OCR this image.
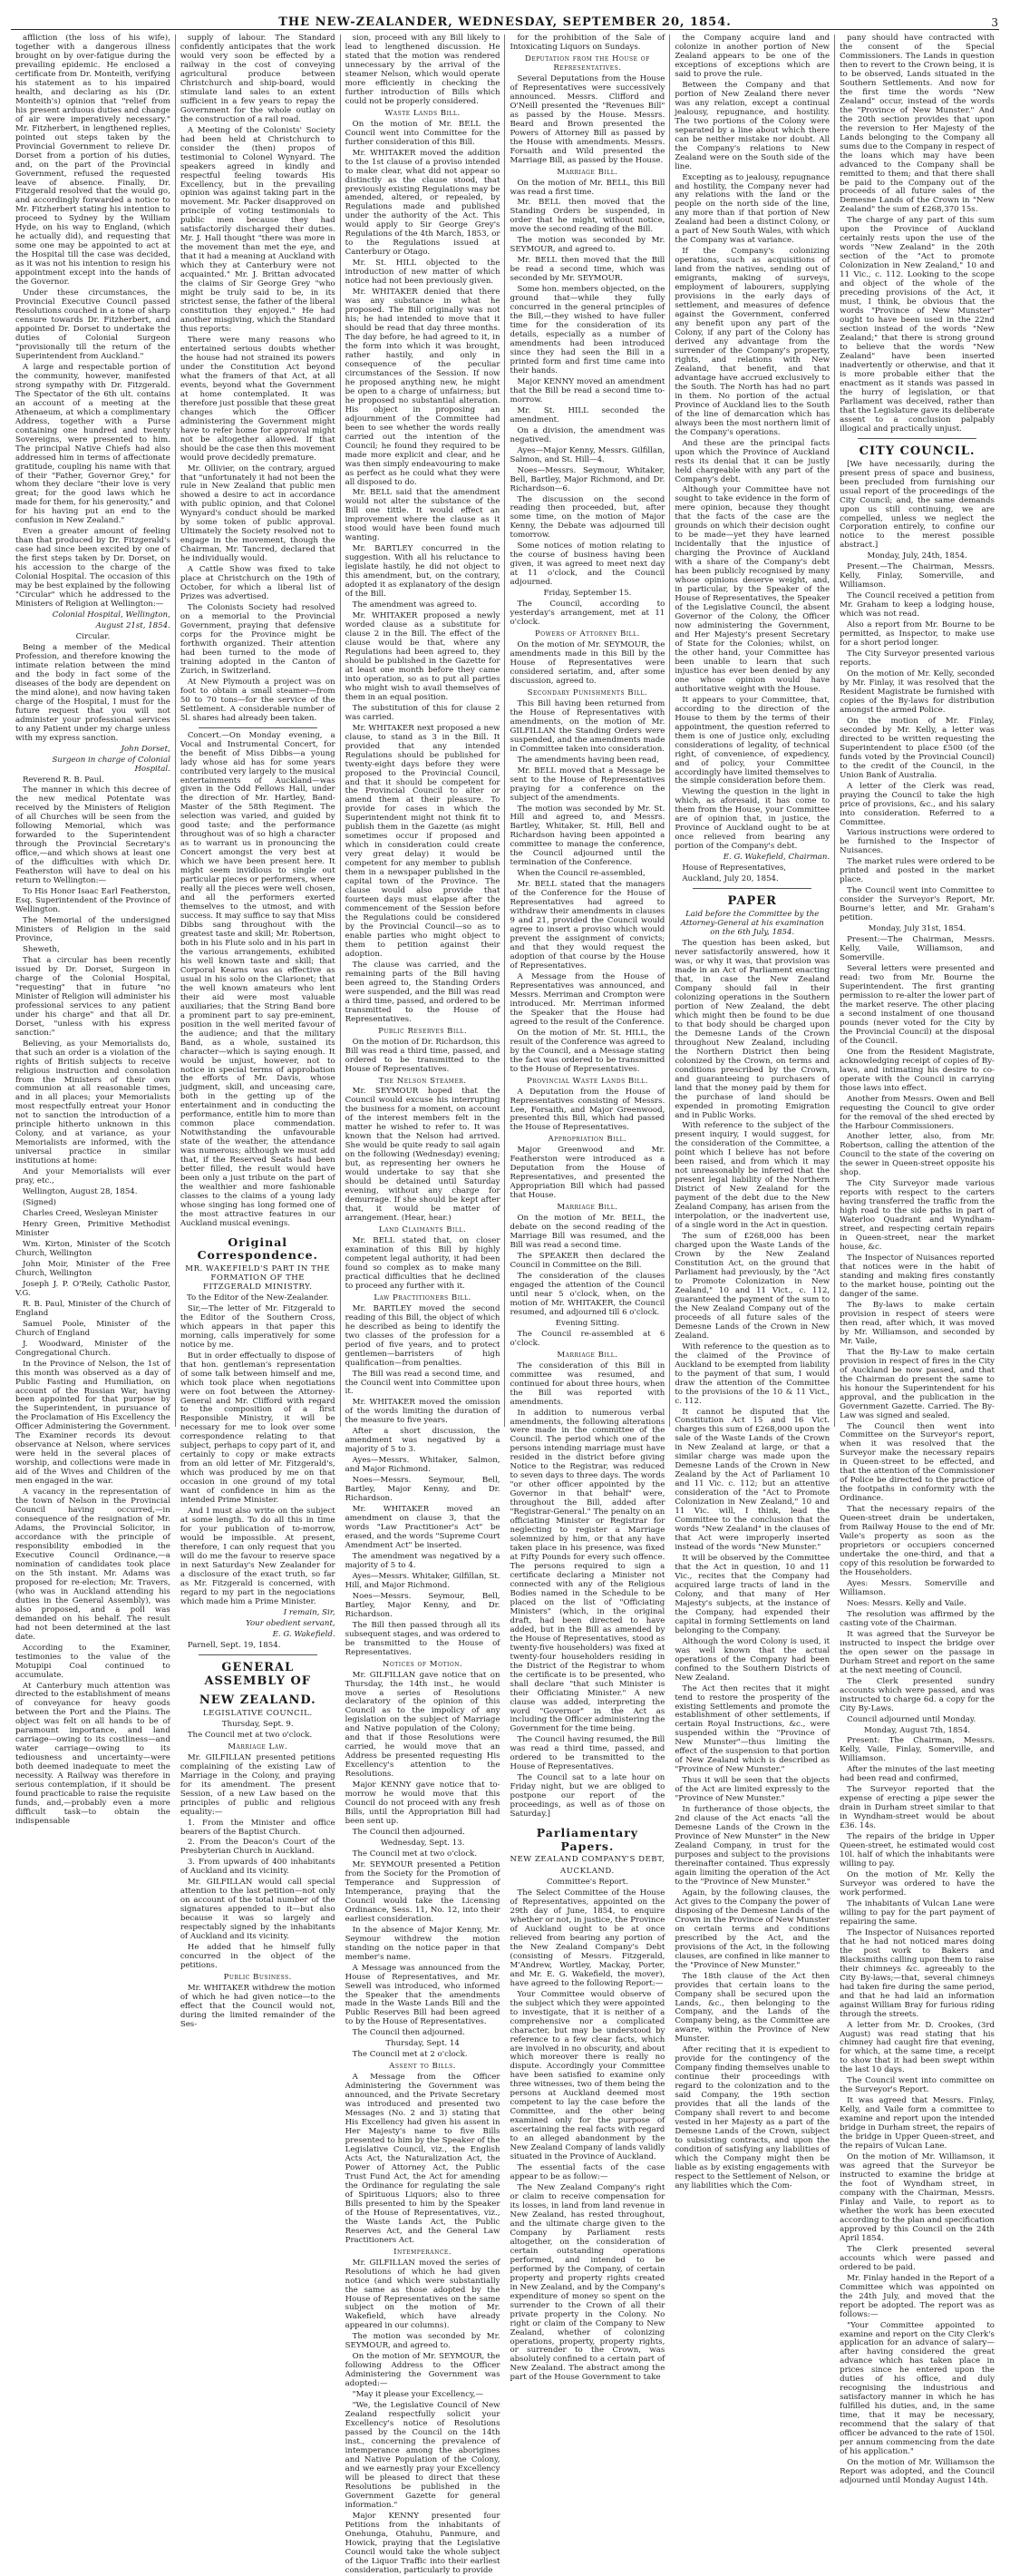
THE NEW-ZEALANDER, WEDNESDAY, SEPTEMBER 20, 1854.	3

affliction (the loss of his wife), together with a dangerous illness brought on by over-fatigue during the prevailing epidemic. He enclosed a certificate from Dr. Monteith, verifying his statement as to his impaired health, and declaring as his (Dr. Monteith's) opinion that "relief from his present arduous duties and change of air were imperatively necessary." Mr. Fitzherbert, in lengthened replies, pointed out steps taken by the Provincial Government to relieve Dr. Dorset from a portion of his duties, and, on the part of the Provincial Government, refused the requested leave of absence. Finally, Dr. Fitzgerald resolved that the would go, and accordingly forwarded a notice to Mr. Fitzherbert stating his intention to proceed to Sydney by the William Hyde, on his way to England, (which he actually did), and requesting that some one may be appointed to act at the Hospital till the case was decided, as it was not his intention to resign his appointment except into the hands of the Governor.

Under these circumstances, the Provincial Executive Council passed Resolutions couched in a tone of sharp censure towards Dr. Fitzherbert, and appointed Dr. Dorset to undertake the duties of Colonial Surgeon "provisionally till the return of the Superintendent from Auckland."

A large and respectable portion of the community, however, manifested strong sympathy with Dr. Fitzgerald. The Spectator of the 6th ult. contains an account of a meeting at the Athenaeum, at which a complimentary Address, together with a Purse containing one hundred and twenty Sovereigns, were presented to him. The principal Native Chiefs had also addressed him in terms of affectionate gratitude, coupling his name with that of their "Father, Governor Grey," for whom they declare "their love is very great; for the good laws which he made for them, for his generosity," and for his having put an end to the confusion in New Zealand."

Even a greater amount of feeling than that produced by Dr. Fitzgerald's case had since been excited by one of the first steps taken by Dr. Dorset, on his accession to the charge of the Colonial Hospital. The occasion of this may be best explained by the following "Circular" which he addressed to the Ministers of Religion at Wellington:—

Colonial Hospital, Wellington,

August 21st, 1854.

Circular.

Being a member of the Medical Profession, and therefore knowing the intimate relation between the mind and the body in fact some of the diseases of the body are dependent on the mind alone), and now having taken charge of the Hospital, I must for the future request that you will not administer your professional services to any Patient under my charge unless with my express sanction.

John Dorset,

Surgeon in charge of Colonial Hospital.

Reverend R. B. Paul.

The manner in which this decree of the new medical Potentate was received by the Ministers of Religion of all Churches will be seen from the following Memorial, which was forwarded to the Superintendent through the Provincial Secretary's office,—and which shows at least one of the difficulties with which Dr. Featherston will have to deal on his return to Wellington:—

To His Honor Isaac Earl Featherston, Esq. Superintendent of the Province of Wellington.

The Memorial of the undersigned Ministers of Religion in the said Province,

Sheweth,

That a circular has been recently issued by Dr. Dorset, Surgeon in charge of the Colonial Hospital, "requesting" that in future "no Minister of Religion will administer his professional services to any patient under his charge" and that all Dr. Dorset, "unless with his express sanction:"

Believing, as your Memorialists do, that such an order is a violation of the rights of British subjects to receive religious instruction and consolation from the Ministers of their own communion at all reasonable times, and in all places; your Memorialists most respectfully entreat your Honor not to sanction the introduction of a principle hitherto unknown in this Colony, and at variance, as your Memorialists are informed, with the universal practice in similar institutions at home:

And your Memorialists will ever pray, etc.,

Wellington, August 28, 1854.

(Signed)

Charles Creed, Wesleyan Minister

Henry Green, Primitive Methodist Minister

Wm. Kirton, Minister of the Scotch Church, Wellington

John Moir, Minister of the Free Church, Wellington

Joseph J. P. O'Reily, Catholic Pastor, V.G.

R. B. Paul, Minister of the Church of England

Samuel Poole, Minister of the Church of England

J. Woodward, Minister of the Congregational Church.

In the Province of Nelson, the 1st of this month was observed as a day of Public Fasting and Humiliation, on account of the Russian War, having been appointed for that purpose by the Superintendent, in pursuance of the Proclamation of His Excellency the Officer Administering the Government. The Examiner records its devout observance at Nelson, where services were held in the several places of worship, and collections were made in aid of the Wives and Children of the men engaged in the war.

A vacancy in the representation of the town of Nelson in the Provincial Council having occurred,—in consequence of the resignation of Mr. Adams, the Provincial Solicitor, in accordance with the principle of responsibility embodied in the Executive Council Ordinance,—a nomination of candidates took place on the 5th instant. Mr. Adams was proposed for re-election; Mr. Travers, (who was in Auckland attending his duties in the General Assembly), was also proposed, and a poll was demanded on his behalf. The result had not been determined at the last date.

According to the Examiner, testimonies to the value of the Motupipi Coal continued to accumulate.

At Canterbury much attention was directed to the establishment of means of conveyance for heavy goods between the Port and the Plains. The object was felt on all hands to be of paramount importance, and land carriage—owing to its costliness—and water carriage—owing to its tediousness and uncertainty—were both deemed inadequate to meet the necessity. A Railway was therefore in serious contemplation, if it should be found practicable to raise the requisite funds, and,—probably even a more difficult task—to obtain the indispensable

supply of labour. The Standard confidently anticipates that the work would very soon be effected by a railway in the cost of conveying agricultural produce between Christchurch and ship-board, would stimulate land sales to an extent sufficient in a few years to repay the Government for the whole outlay on the construction of a rail road.

A Meeting of the Colonists' Society had been held at Christchurch to consider the (then) propos of testimonial to Colonel Wynyard. The speakers agreed in kindly and respectful feeling towards His Excellency, but in the prevailing opinion was against taking part in the movement. Mr. Packer disapproved on principle of voting testimonials to public men because they had satisfactorily discharged their duties. Mr. J. Hall thought "there was more in the movement than met the eye, and that it had a meaning at Auckland with which they at Canterbury were not acquainted." Mr. J. Brittan advocated the claims of Sir George Grey "who might be truly said to be, in its strictest sense, the father of the liberal constitution they enjoyed." He had another misgiving, which the Standard thus reports:

There were many reasons who entertained serious doubts whether the house had not strained its powers under the Constitution Act beyond what the framers of that Act, at all events, beyond what the Government at home contemplated. It was therefore just possible that these great changes which the Officer administering the Government might have to refer home for approval might not be altogether allowed. If that should be the case then this movement would prove decidedly premature.

Mr. Ollivier, on the contrary, argued that "unfortunately it had not been the rule in New Zealand that public men showed a desire to act in accordance with public opinion, and that Colonel Wynyard's conduct should be marked by some token of public approval. Ultimately the Society resolved not to engage in the movement, though the Chairman, Mr. Tancred, declared that he individually would.

A Cattle Show was fixed to take place at Christchurch on the 19th of October, for which a liberal list of Prizes was advertised.

The Colonists Society had resolved on a memorial to the Provincial Government, praying that defensive corps for the Province might be forthwith organized. Their attention had been turned to the mode of training adopted in the Canton of Zurich, in Switzerland.

At New Plymouth a project was on foot to obtain a small steamer—from 50 to 70 tons—for the service of the Settlement. A considerable number of 5l. shares had already been taken.

Concert.—On Monday evening, a Vocal and Instrumental Concert, for the benefit of Miss Dibbs—a young lady whose aid has for some years contributed very largely to the musical entertainments of Auckland—was given in the Odd Fellows Hall, under the direction of Mr. Hartley, Band-Master of the 58th Regiment. The selection was varied, and guided by good taste; and the performance throughout was of so high a character as to warrant us in pronouncing the Concert amongst the very best at which we have been present here. It might seem invidious to single out particular pieces or performers, where really all the pieces were well chosen, and all the performers exerted themselves to the utmost, and with success. It may suffice to say that Miss Dibbs sang throughout with the greatest taste and skill; Mr. Robertson, both in his Flute solo and in his part in the various arrangements, exhibited his well known taste and skill; that Corporal Kearns was as effective as usual in his solo on the Clarionet; that the well known amateurs who lent their aid were most valuable auxiliaries; that the String Band bore a prominent part to say pre-eminent, position in the well merited favour of the audience; and that the military Band, as a whole, sustained its character—which is saying enough. It would be unjust, however, not to notice in special terms of approbation the efforts of Mr. Davis, whose judgment, skill, and unceasing care, both in the getting up of the entertainment and in conducting the performance, entitle him to more than common place commendation. Notwithstanding the unfavourable state of the weather, the attendance was numerous; although we must add that, if the Reserved Seats had been better filled, the result would have been only a just tribute on the part of the wealthier and more fashionable classes to the claims of a young lady whose singing has long formed one of the most attractive features in our Auckland musical evenings.

Original Correspondence.
MR. WAKEFIELD'S PART IN THE FORMATION OF THE FITZGERALD MINISTRY.

To the Editor of the New-Zealander.

Sir,—The letter of Mr. Fitzgerald to the Editor of the Southern Cross, which appears in that paper this morning, calls imperatively for some notice by me.

But in order effectually to dispose of that hon. gentleman's representation of some talk between himself and me, which took place when negotiations were on foot between the Attorney-General and Mr. Clifford with regard to the composition of a first Responsible Ministry, it will be necessary for me to look over some correspondence relating to that subject, perhaps to copy part of it, and certainly to copy or make extracts from an old letter of Mr. Fitzgerald's, which was produced by me on that occasion in one ground of my total want of confidence in him as the intended Prime Minister.

And I must also write on the subject at some length. To do all this in time for your publication of to-morrow, would be impossible. At present, therefore, I can only request that you will do me the favour to reserve space in next Saturday's New Zealander for a disclosure of the exact truth, so far as Mr. Fitzgerald is concerned, with regard to my part in the negociations which made him a Prime Minister.

I remain, Sir,

Your obedient servant,

E. G. Wakefield.

Parnell, Sept. 19, 1854.

GENERAL ASSEMBLY OF
NEW ZEALAND.
LEGISLATIVE COUNCIL.

Thursday, Sept. 9.

The Council met at two o'clock.

Marriage Law.

Mr. GILFILLAN presented petitions complaining of the existing Law of Marriage in the Colony, and praying for its amendment. The present Session, of a new Law based on the principles of public and religious equality:—

1. From the Minister and office bearers of the Baptist Church.

2. From the Deacon's Court of the Presbyterian Church in Auckland.

3. From upwards of 400 inhabitants of Auckland and its vicinity.

Mr. GILFILLAN would call special attention to the last petition—not only on account of the total number of the signatures appended to it—but also because it was so largely and respectably signed by the inhabitants of Auckland and its vicinity.

He added that he himself fully concurred in the object of the petitions.

Public Business.

Mr. WHITAKER withdrew the motion of which he had given notice—to the effect that the Council would not, during the limited remainder of the Ses-

sion, proceed with any Bill likely to lead to lengthened discussion. He stated that the motion was rendered unnecessary by the arrival of the steamer Nelson, which would operate more efficiently in checking the further introduction of Bills which could not be properly considered.

Waste Lands Bill.

On the motion of Mr. BELL the Council went into Committee for the further consideration of this Bill.

Mr. WHITAKER moved the addition to the 1st clause of a proviso intended to make clear, what did not appear so distinctly as the clause stood, that previously existing Regulations may be amended, altered, or repealed, by Regulations made and published under the authority of the Act. This would apply to Sir George Grey's Regulations of the 4th March, 1853, or to the Regulations issued at Canterbury or Otago.

Mr. St. HILL objected to the introduction of new matter of which notice had not been previously given.

Mr. WHITAKER denied that there was any substance in what he proposed. The Bill originally was not his; he had intended to move that it should be read that day three months. The day before, he had agreed to it, in the form into which it was brought, rather hastily, and only in consequence of the peculiar circumstances of the Session. If now he proposed anything new, he might be open to a charge of unfairness; but he proposed no substantial alteration. His object in proposing an adjournment of the Committee had been to see whether the words really carried out the intention of the Council; he found they required to be made more explicit and clear, and he was then simply endeavouring to make as perfect as he could what they were all disposed to do.

Mr. BELL said that the amendment would not alter the substance of the Bill one tittle. It would effect an improvement where the clause as it stood would have been found much wanting.

Mr. BARTLEY concurred in the suggestion. With all his reluctance to legislate hastily, he did not object to this amendment, but, on the contrary, adopted it as explanatory of the design of the Bill.

The amendment was agreed to.

Mr. WHITAKER proposed a newly worded clause as a substitute for clause 2 in the Bill. The effect of the clause would be that, where any Regulations had been agreed to, they should be published in the Gazette for at least one month before they came into operation, so as to put all parties who might wish to avail themselves of them in an equal position.

The substitution of this for clause 2 was carried.

Mr. WHITAKER next proposed a new clause, to stand as 3 in the Bill. It provided that any intended Regulations should be published for twenty-eight days before they were proposed to the Provincial Council, and that it should be competent for the Provincial Council to alter or amend them at their pleasure. To provide for cases in which the Superintendent might not think fit to publish them in the Gazette (as might sometimes occur if proposed and which in consideration could create very great delay) it would be competent for any member to publish them in a newspaper published in the capital town of the Province. The clause would also provide that fourteen days must elapse after the commencement of the Session before the Regulations could be considered by the Provincial Council—so as to enable parties who might object to them to petition against their adoption.

The clause was carried, and the remaining parts of the Bill having been agreed to, the Standing Orders were suspended, and the Bill was read a third time, passed, and ordered to be transmitted to the House of Representatives.

Public Reserves Bill.

On the motion of Dr. Richardson, this Bill was read a third time, passed, and ordered to be transmitted to the House of Representatives.

The Nelson Steamer.

Mr. SEYMOUR hoped that the Council would excuse his interrupting the business for a moment, on account of the interest members felt in the matter he wished to refer to. It was known that the Nelson had arrived. She would be quite ready to sail again on the following (Wednesday) evening; but, as representing her owners he would undertake to say that she should be detained until Saturday evening, without any charge for demurrage. If she should be kept after that, it would be matter of arrangement. (Hear, hear.)

Land Claimants Bill.

Mr. BELL stated that, on closer examination of this Bill by highly competent legal authority, it had been found so complex as to make many practical difficulties that he declined to proceed any further with it.

Law Practitioners Bill.

Mr. BARTLEY moved the second reading of this Bill, the object of which he described as being to identify the two classes of the profession for a period of five years, and to protect gentlemen—barristers of high qualification—from penalties.

The Bill was read a second time, and the Council went into Committee upon it.

Mr. WHITAKER moved the omission of the words limiting the duration of the measure to five years.

After a short discussion, the amendment was negatived by a majority of 5 to 3.

Ayes—Messrs. Whitaker, Salmon, and Major Richmond.

Noes—Messrs. Seymour, Bell, Bartley, Major Kenny, and Dr. Richardson.

Mr. WHITAKER moved an amendment on clause 3, that the words "Law Practitioner's Act" be erased, and the words "Supreme Court Amendment Act" be inserted.

The amendment was negatived by a majority of 5 to 4.

Ayes—Messrs. Whitaker, Gilfillan, St. Hill, and Major Richmond.

Noes—Messrs. Seymour, Bell, Bartley, Major Kenny, and Dr. Richardson.

The Bill then passed through all its subsequent stages, and was ordered to be transmitted to the House of Representatives.

Notices of Motion.

Mr. GILFILLAN gave notice that on Thursday, the 14th inst., he would move a series of Resolutions declaratory of the opinion of this Council as to the impolicy of any legislation on the subject of Marriage and Native population of the Colony; and that if those Resolutions were carried, he would move that an Address be presented requesting His Excellency's attention to the Resolutions.

Major KENNY gave notice that to-morrow he would move that this Council do not proceed with any fresh Bills, until the Appropriation Bill had been sent up.

The Council then adjourned.

Wednesday, Sept. 13.

The Council met at two o'clock.

Mr. SEYMOUR presented a Petition from the Society for the Promotion of Temperance and Suppression of Intemperance, praying that the Council would take the Licensing Ordinance, Sess. 11, No. 12, into their earliest consideration.

In the absence of Major Kenny, Mr. Seymour withdrew the motion standing on the notice paper in that member's name.

A Message was announced from the House of Representatives, and Mr. Sewell was introduced, who informed the Speaker that the amendments made in the Waste Lands Bill and the Public Reserves Bill had been agreed to by the House of Representatives.

The Council then adjourned.

Thursday, Sept. 14

The Council met at 2 o'clock.

Assent to Bills.

A Message from the Officer Administering the Government was announced, and the Private Secretary was introduced and presented two Messages (No. 2 and 3) stating that His Excellency had given his assent in Her Majesty's name to five Bills presented to him by the Speaker of the Legislative Council, viz., the English Acts Act, the Naturalization Act, the Power of Attorney Act, the Public Trust Fund Act, the Act for amending the Ordinance for regulating the sale of Spirituous Liquors; also to three Bills presented to him by the Speaker of the House of Representatives, viz., the Waste Lands Act, the Public Reserves Act, and the General Law Practitioners Act.

Intemperance.

Mr. GILFILLAN moved the series of Resolutions of which he had given notice (and which were substantially the same as those adopted by the House of Representatives on the same subject on the motion of Mr. Wakefield, which have already appeared in our columns).

The motion was seconded by Mr. SEYMOUR, and agreed to.

On the motion of Mr. SEYMOUR, the following Address to the Officer Administering the Government was adopted:—

"May it please your Excellency,—

"We, the Legislative Council of New Zealand respectfully solicit your Excellency's notice of Resolutions passed by the Council on the 14th inst., concerning the prevalence of intemperance among the aborigines and Native Population of the Colony, and we earnestly pray your Excellency will be pleased to direct that these Resolutions be published in the Government Gazette for general information."

Major KENNY presented four Petitions from the inhabitants of Onehunga, Otahuhu, Panmure, and Howick, praying that the Legislative Council would take the whole subject of the Liquor Traffic into their earliest consideration, particularly to provide

for the prohibition of the Sale of Intoxicating Liquors on Sundays.

Deputation from the House of Representatives.

Several Deputations from the House of Representatives were successively announced. Messrs. Clifford and O'Neill presented the "Revenues Bill" as passed by the House. Messrs. Beard and Brown presented the Powers of Attorney Bill as passed by the House with amendments. Messrs. Forsaith and Wild presented the Marriage Bill, as passed by the House.

Marriage Bill.

On the motion of Mr. BELL, this Bill was read a first time.

Mr. BELL then moved that the Standing Orders be suspended, in order that he might, without notice, move the second reading of the Bill.

The motion was seconded by Mr. SEYMOUR, and agreed to.

Mr. BELL then moved that the Bill be read a second time, which was seconded by Mr. SEYMOUR.

Some hon. members objected, on the ground that—while they fully concurred in the general principles of the Bill,—they wished to have fuller time for the consideration of its details, especially as a number of amendments had been introduced since they had seen the Bill in a printed form and first time came into their hands.

Major KENNY moved an amendment that the Bill be read a second time to-morrow.

Mr. St. HILL seconded the amendment.

On a division, the amendment was negatived.

Ayes—Major Kenny, Messrs. Gilfillan, Salmon, and St. Hill—4.

Noes—Messrs. Seymour, Whitaker, Bell, Bartley, Major Richmond, and Dr. Richardson—6.

The discussion on the second reading then proceeded, but, after some time, on the motion of Major Kenny, the Debate was adjourned till tomorrow.

Some notices of motion relating to the course of business having been given, it was agreed to meet next day at 11 o'clock, and the Council adjourned.

Friday, September 15.

The Council, according to yesterday's arrangement, met at 11 o'clock.

Powers of Attorney Bill.

On the motion of Mr. SEYMOUR, the amendments made in this Bill by the House of Representatives were considered seriatim, and, after some discussion, agreed to.

Secondary Punishments Bill.

This Bill having been returned from the House of Representatives with amendments, on the motion of Mr. GILFILLAN the Standing Orders were suspended, and the amendments made in Committee taken into consideration.

The amendments having been read,

Mr. BELL moved that a Message be sent to the House of Representatives praying for a conference on the subject of the amendments.

The motion was seconded by Mr. St. Hill and agreed to, and Messrs. Bartley, Whitaker, St. Hill, Bell and Richardson having been appointed a committee to manage the conference, the Council adjourned until the termination of the Conference.

When the Council re-assembled,

Mr. BELL stated that the managers of the Conference for the House of Representatives had agreed to withdraw their amendments in clauses 9 and 21, provided the Council would agree to insert a proviso which would prevent the assignment of convicts; and that they would request the adoption of that course by the House of Representatives.

A Message from the House of Representatives was announced, and Messrs. Merriman and Crompton were introduced. Mr. Merriman informed the Speaker that the House had agreed to the result of the Conference.

On the motion of Mr. St. HILL, the result of the Conference was agreed to by the Council, and a Message stating the fact was ordered to be transmitted to the House of Representatives.

Provincial Waste Lands Bill.

A Deputation from the House of Representatives consisting of Messrs. Lee, Forsaith, and Major Greenwood, presented this Bill, which had passed the House of Representatives.

Appropriation Bill.

Major Greenwood and Mr. Featherston were introduced as a Deputation from the House of Representatives, and presented the Appropriation Bill which had passed that House.

Marriage Bill.

On the motion of Mr. BELL, the debate on the second reading of the Marriage Bill was resumed, and the Bill was read a second time.

The SPEAKER then declared the Council in Committee on the Bill.

The consideration of the clauses engaged the attention of the Council until near 5 o'clock, when, on the motion of Mr. WHITAKER, the Council resumed, and adjourned till 6 o'clock.

Evening Sitting.

The Council re-assembled at 6 o'clock.

Marriage Bill.

The consideration of this Bill in committee was resumed, and continued for about three hours, when the Bill was reported with amendments.

In addition to numerous verbal amendments, the following alterations were made in the committee of the Council. The period which one of the persons intending marriage must have resided in the district before giving Notice to the Registrar, was reduced to seven days to three days. The words "or other officer appointed by the Governor in that behalf" were, throughout the Bill, added after "Registrar-General." The penalty on an officiating Minister or Registrar for neglecting to register a Marriage solemnized by him, or that any have taken place in his presence, was fixed at Fifty Pounds for every such offence. The persons required to sign a certificate declaring a Minister not connected with any of the Religious Bodies named in the Schedule to be placed on the list of "Officiating Ministers" (which, in the original draft, had been directed to have added, but in the Bill as amended by the House of Representatives, stood as twenty-five householders) was fixed at twenty-four householders residing in the District of the Registrar to whom the certificate is to be presented, who shall declare "that such Minister is their Officiating Minister." A new clause was added, interpreting the word "Governor" in the Act as including the Officer administering the Government for the time being.

The Council having resumed, the Bill was read a third time, passed, and ordered to be transmitted to the House of Representatives.

The Council sat to a late hour on Friday night, but we are obliged to postpone our report of the proceedings, as well as of those on Saturday.]

Parliamentary Papers.
NEW ZEALAND COMPANY'S DEBT,
AUCKLAND.

Committee's Report.

The Select Committee of the House of Representatives, appointed on the 29th day of June, 1854, to enquire whether or not, in justice, the Province of Auckland ought to be at once relieved from bearing any portion of the New Zealand Company's Debt (consisting of Messrs. Fitzgerald, M'Andrew, Wortley, Mackay, Porter, and Mr. E. G. Wakefield, the mover), have agreed to the following Report:—

Your Committee would observe of the subject which they were appointed to investigate, that it is neither of a comprehensive nor a complicated character, but may be understood by reference to a few clear facts, which are involved in no obscurity, and about which moreover there is really no dispute. Accordingly your Committee have been satisfied to examine only three witnesses, two of them being the persons at Auckland deemed most competent to lay the case before the Committee, and the other being examined only for the purpose of ascertaining the real facts with regard to an alleged abandonment by the New Zealand Company of lands validly situated in the Province of Auckland.

The essential facts of the case appear to be as follow:—

The New Zealand Company's right or claim to receive compensation for its losses, in land from land revenue in New Zealand, has rested throughout, and the ultimate charge given to the Company by Parliament rests altogether, on the consideration of certain outstanding operations performed, and intended to be performed by the Company, of certain property and property rights created in New Zealand, and by the Company's expenditure of money so spent on the surrender to the Crown of all their private property in the Colony. No right or claim of the Company to New Zealand, whether of colonizing operations, property, property rights, or surrender to the Crown, was absolutely confined to a certain part of New Zealand. The abstract among the part of the House Government to take

the Company acquire land and colonize in another portion of New Zealand appears to be one of the exceptions of exceptions which are said to prove the rule.

Between the Company and that portion of New Zealand there never was any relation, except a continual jealousy, repugnance, and hostility. The two portions of the Colony were separated by a line about which there can be neither mistake nor doubt. All the Company's relations to New Zealand were on the South side of the line.

Excepting as to jealousy, repugnance and hostility, the Company never had any relations with the land or the people on the north side of the line, any more than if that portion of New Zealand had been a distinct Colony, or a part of New South Wales, with which the Company was at variance.

If the Company's colonizing operations, such as acquisitions of land from the natives, sending out of emigrants, making of surveys, employment of labourers, supplying provisions in the early days of settlement, and measures of defence against the Government, conferred any benefit upon any part of the Colony, if any part of the Colony has derived any advantage from the surrender of the Company's property, rights, and relations with New Zealand, that benefit, and that advantage have accrued exclusively to the South. The North has had no part in them. No portion of the actual Province of Auckland lies to the South of the line of demarcation which has always been the most northern limit of the Company's operations.

And these are the principal facts upon which the Province of Auckland rests its denial that it can be justly held chargeable with any part of the Company's debt.

Although your Committee have not sought to take evidence in the form of mere opinion, because they thought that the facts of the case are the grounds on which their decision ought to be made—yet they have learned incidentally that the injustice of charging the Province of Auckland with a share of the Company's debt has been publicly recognised by many whose opinions deserve weight, and, in particular, by the Speaker of the House of Representatives, the Speaker of the Legislative Council, the absent Governor of the Colony, the Officer now administering the Government, and Her Majesty's present Secretary of State for the Colonies; whilst, on the other hand, your Committee has been unable to learn that such injustice has ever been denied by any one whose opinion would have authoritative weight with the House.

It appears to your Committee, that, according to the direction of the House to them by the terms of their appointment, the question referred to them is one of justice only, excluding considerations of legality, of technical right, of convenience, of expediency, and of policy, your Committee accordingly have limited themselves to the simple consideration before them.

Viewing the question in the light in which, as aforesaid, it has come to them from the House, your Committee are of opinion that, in justice, the Province of Auckland ought to be at once relieved from bearing any portion of the Company's debt.

E. G. Wakefield, Chairman.

House of Representatives,

Auckland, July 20, 1854.

PAPER

Laid before the Committee by the Attorney-General at his examination on the 6th July, 1854.

The question has been asked, but never satisfactorily answered, how it was, or why it was, that provision was made in an Act of Parliament enacting that, in case the New Zealand Company should fail in their colonizing operations in the Southern portion of New Zealand, the debt which might then be found to be due to that body should be charged upon the Demesne Lands of the Crown throughout New Zealand, including the Northern District then being colonized by the Crown, on terms and conditions prescribed by the Crown, and guaranteeing to purchasers of land that the money paid by them for the purchase of land should be expended in promoting Emigration and in Public Works.

With reference to the subject of the present inquiry, I would suggest, for the consideration of the Committee, a point which I believe has not before been raised, and from which it may not unreasonably be inferred that the present legal liability of the Northern District of New Zealand for the payment of the debt due to the New Zealand Company, has arisen from the interpolation, or the inadvertent use, of a single word in the Act in question.

The sum of £268,000 has been charged upon the Waste Lands of the Crown by the New Zealand Constitution Act, on the ground that Parliament had previously, by the "Act to Promote Colonization in New Zealand," 10 and 11 Vict., c. 112, guaranteed the payment of the sum to the New Zealand Company out of the proceeds of all future sales of the Demesne Lands of the Crown in New Zealand.

With reference to the question as to the claimed of the Province of Auckland to be exempted from liability to the payment of that sum, I would draw the attention of the Committee to the provisions of the 10 & 11 Vict., c. 112.

It cannot be disputed that the Constitution Act 15 and 16 Vict. charges this sum of £268,000 upon the sale of the Waste Lands of the Crown in New Zealand at large, or that a similar charge was made upon the Demesne Lands of the Crown in New Zealand by the Act of Parliament 10 and 11 Vic. c. 112; but an attentive consideration of the "Act to Promote Colonization in New Zealand," 10 and 11 Vic. will, I think, lead the Committee to the conclusion that the words "New Zealand" in the clauses of that Act were improperly inserted instead of the words "New Munster."

It will be observed by the Committee that the Act in question, 10 and 11 Vic., recites that the Company had acquired large tracts of land in the Colony, and that many of Her Majesty's subjects, at the instance of the Company, had expended their capital in forming Settlements on land belonging to the Company.

Although the word Colony is used, it was well known that the actual operations of the Company had been confined to the Southern Districts of New Zealand.

The Act then recites that it might tend to restore the prosperity of the existing Settlements and promote the establishment of other settlements, if certain Royal Instructions, &c., were suspended within the "Province of New Munster"—thus limiting the effect of the suspension to that portion of New Zealand which is described as "Province of New Munster."

Thus it will be seen that the objects of the Act are limited expressly to the "Province of New Munster."

In furtherance of those objects, the 2nd clause of the Act enacts "all the Demesne Lands of the Crown in the Province of New Munster" in the New Zealand Company, in trust for the purposes and subject to the provisions thereinafter contained. Thus expressly again limiting the operation of the Act to the "Province of New Munster."

Again, by the following clauses, the Act gives to the Company the power of disposing of the Demesne Lands of the Crown in the Province of New Munster on certain terms and conditions prescribed by the Act, and the provisions of the Act, in the following clauses, are confined in like manner to the "Province of New Munster."

The 18th clause of the Act then provides that certain loans to the Company shall be secured upon the Lands, &c., then belonging to the Company, and the Lands of the Company being, as the Committee are aware, within the Province of New Munster.

After reciting that it is expedient to provide for the contingency of the Company finding themselves unable to continue their proceedings with regard to the colonization and to the said Company, the 19th section provides that all the lands of the Company shall revert to and become vested in her Majesty as a part of the Demesne Lands of the Crown, subject to subsisting contracts, and upon the condition of satisfying any liabilities of which the Company might then be liable as by existing engagements with respect to the Settlement of Nelson, or any liabilities which the Com-

pany should have contracted with the consent of the Special Commissioners. The Lands in question then to revert to the Crown being, it is to be observed, Lands situated in the Southern Settlements. And now for the first time the words "New Zealand" occur, instead of the words the "Province of New Munster." And the 20th section provides that upon the reversion to Her Majesty of the Lands belonging to the Company all sums due to the Company in respect of the loans which may have been advanced to the Company shall be remitted to them; and that there shall be paid to the Company out of the proceeds of all future sales of the Demesne Lands of the Crown in "New Zealand" the sum of £268,370 15s.

The charge of any part of this sum upon the Province of Auckland certainly rests upon the use of the words "New Zealand" in the 20th section of the "Act to promote Colonization in New Zealand," 10 and 11 Vic., c. 112. Looking to the scope and object of the whole of the preceding provisions of the Act, it must, I think, be obvious that the words "Province of New Munster" ought to have been used in the 22nd section instead of the words "New Zealand;" that there is strong ground to believe that the words "New Zealand" have been inserted inadvertently or otherwise, and that it is more probable either that the enactment as it stands was passed in the hurry of legislation, or that Parliament was deceived, rather than that the Legislature gave its deliberate assent to a conclusion palpably illogical and practically unjust.

CITY COUNCIL.

[We have necessarily, during the present press of space and business, been precluded from furnishing our usual report of the proceedings of the City Council; and, the same demands upon us still continuing, we are compelled, unless we neglect the Corporation entirely, to confine our notice to the merest possible abstract.]

Monday, July, 24th, 1854.

Present.—The Chairman, Messrs. Kelly, Finlay, Somerville, and Williamson.

The Council received a petition from Mr. Graham to keep a lodging house, which was not read.

Also a report from Mr. Bourne to be permitted, as Inspector, to make use for a short period longer.

The City Surveyor presented various reports.

On the motion of Mr. Kelly, seconded by Mr. Finlay, it was resolved that the Resident Magistrate be furnished with copies of the By-laws for distribution amongst the armed Police.

On the motion of Mr. Finlay, seconded by Mr. Kelly, a letter was directed to be written requesting the Superintendent to place £500 (of the funds voted by the Provincial Council) to the credit of the Council, in the Union Bank of Australia.

A letter of the Clerk was read, praying the Council to take the high price of provisions, &c., and his salary into consideration. Referred to a Committee.

Various instructions were ordered to be furnished to the Inspector of Nuisances.

The market rules were ordered to be printed and posted in the market place.

The Council went into Committee to consider the Surveyor's Report, Mr. Bourne's letter, and Mr. Graham's petition.

Monday, July 31st, 1854.

Present:—The Chairman, Messrs. Kelly, Vaile, Williamson, and Somerville.

Several letters were presented and read: two from Mr. Bourne the Superintendent. The first granting permission to re-alter the lower part of the market reserve. The other placing a second instalment of one thousand pounds (never voted for the City by the Provincial Council) at the disposal of the Council.

One from the Resident Magistrate, acknowledging receipt of copies of By-laws, and intimating his desire to co-operate with the Council in carrying those laws into effect.

Another from Messrs. Owen and Bell requesting the Council to give order for the removal of the shed erected by the Harbour Commissioners.

Another letter, also, from Mr. Robertson, calling the attention of the Council to the state of the covering on the sewer in Queen-street opposite his shop.

The City Surveyor made various reports with respect to the carters having transferred the traffic from the high road to the side paths in part of Waterloo Quadrant and Wyndham-street, and respecting certain repairs in Queen-street, near the market house, &c.

The Inspector of Nuisances reported that notices were in the habit of standing and making fires constantly to the market house, pointing out the danger of the same.

The By-laws to make certain provision in respect of steers were then read, after which, it was moved by Mr. Williamson, and seconded by Mr. Vaile,

That the By-Law to make certain provision in respect of fires in the City of Auckland be now passed, and that the Chairman do present the same to his honour the Superintendent for his approval, and the publication in the Government Gazette. Carried. The By-Law was signed and sealed.

The Council then went into Committee on the Surveyor's report, when it was resolved that the Surveyor make the necessary repairs in Queen-street to be effected, and that the attention of the Commissioner of Police be directed to the practice of the footpaths in conformity with the Ordinance.

That the necessary repairs of the Queen-street drain be undertaken, from Railway House to the end of Mr. Vaile's property as soon as the proprietors or occupiers concerned undertake the one-third, and that a copy of this resolution be forwarded to the Householders.

Ayes: Messrs. Somerville and Williamson.

Noes: Messrs. Kelly and Vaile.

The resolution was affirmed by the casting vote of the Chairman.

It was agreed that the Surveyor be instructed to inspect the bridge over the open sewer on the passage in Durham Street and report on the same at the next meeting of Council.

The Clerk presented sundry accounts which were passed, and was instructed to charge 6d. a copy for the City By-Laws.

Council adjourned until Monday.

Monday, August 7th, 1854.

Present: The Chairman, Messrs. Kelly, Vaile, Finlay, Somerville, and Williamson.

After the minutes of the last meeting had been read and confirmed,

The Surveyor reported that the expense of erecting a pipe sewer the drain in Durham street similar to that in Wyndham-street would be about £36. 14s.

The repairs of the bridge in Upper Queen-street, he estimated would cost 10l. half of which the inhabitants were willing to pay.

On the motion of Mr. Kelly the Surveyor was ordered to have the work performed.

The inhabitants of Vulcan Lane were willing to pay for the part payment of repairing the same.

The Inspector of Nuisances reported that he had not noticed mares doing the post work to Bakers and Blacksmiths calling upon them to raise their chimneys &c. agreeably to the City By-laws;—that, several chimneys had taken fire during the same period, and that he had laid an information against William Bray for furious riding through the streets.

A letter from Mr. D. Crookes, (3rd August) was read stating that his chimney had caught fire that evening, for which, at the same time, a receipt to show that it had been swept within the last 10 days.

The Council went into committee on the Surveyor's Report.

It was agreed that Messrs. Finlay, Kelly, and Vaile form a committee to examine and report upon the intended bridge in Durham street, the repairs of the bridge in Upper Queen-street, and the repairs of Vulcan Lane.

On the motion of Mr. Williamson, it was agreed that the Surveyor be instructed to examine the bridge at the foot of Wyndham street, in company with the Chairman, Messrs. Finlay and Vaile, to report as to whether the work has been executed according to the plan and specification approved by this Council on the 24th April 1854.

The Clerk presented several accounts which were passed and ordered to be paid.

Mr. Finlay handed in the Report of a Committee which was appointed on the 24th July, and moved that the report be adopted. The report was as follows:—

"Your Committee appointed to examine and report on the City Clerk's application for an advance of salary—after having considered the great advance which has taken place in prices since he entered upon the duties of his office, and duly recognising the industrious and satisfactory manner in which he has fulfilled his duties, and, in the same time, that it may be necessary, recommend that the salary of that officer be advanced to the rate of 150l. per annum commencing from the date of his application."

On the motion of Mr. Williamson the Report was adopted, and the Council adjourned until Monday August 14th.
